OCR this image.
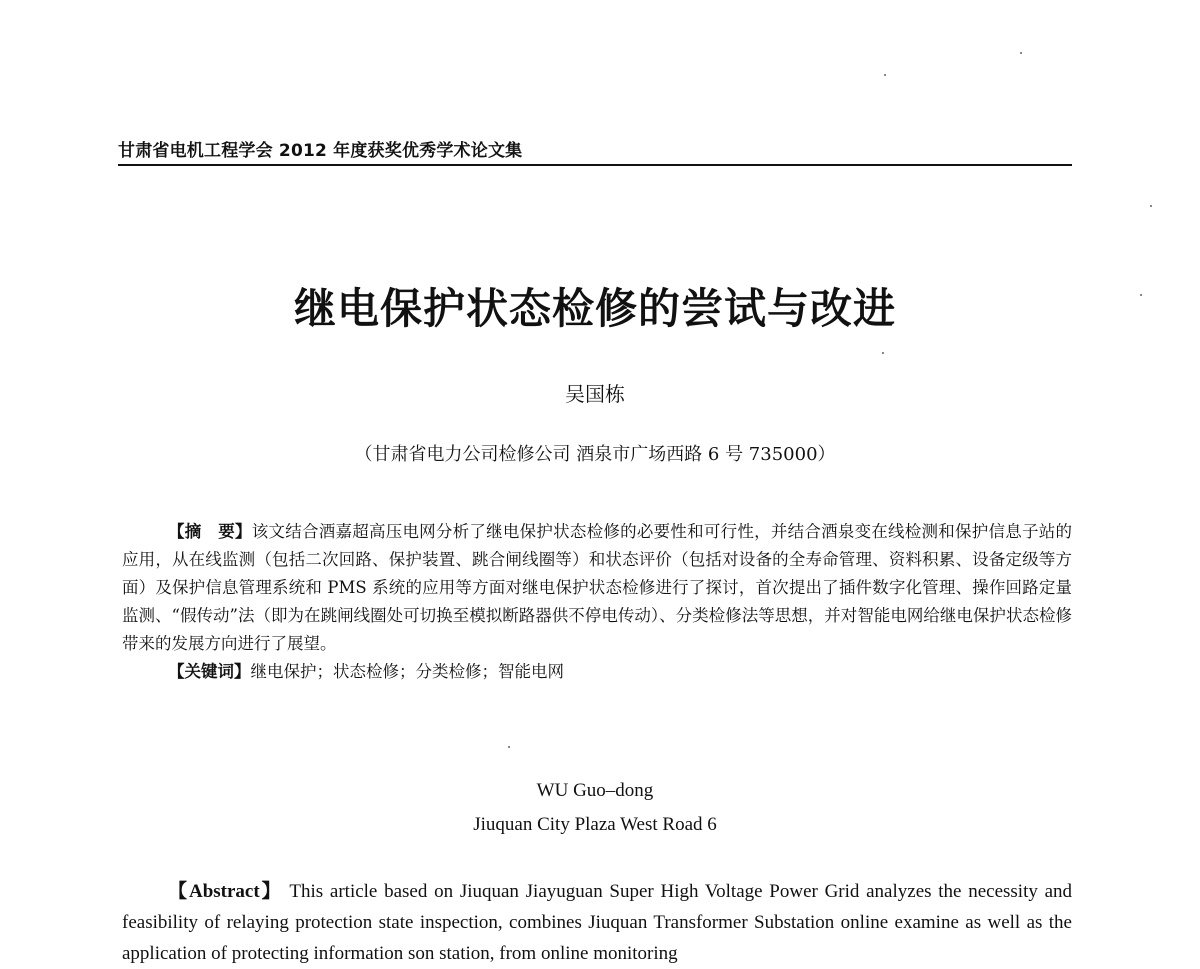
甘肃省电机工程学会 2012 年度获奖优秀学术论文集
继电保护状态检修的尝试与改进
吴国栋
（甘肃省电力公司检修公司 酒泉市广场西路 6 号 735000）

【摘　要】该文结合酒嘉超高压电网分析了继电保护状态检修的必要性和可行性，并结合酒泉变在线检测和保护信息子站的应用，从在线监测（包括二次回路、保护装置、跳合闸线圈等）和状态评价（包括对设备的全寿命管理、资料积累、设备定级等方面）及保护信息管理系统和 PMS 系统的应用等方面对继电保护状态检修进行了探讨，首次提出了插件数字化管理、操作回路定量监测、“假传动”法（即为在跳闸线圈处可切换至模拟断路器供不停电传动）、分类检修法等思想，并对智能电网给继电保护状态检修带来的发展方向进行了展望。

【关键词】继电保护；状态检修；分类检修；智能电网

WU Guo–dong
Jiuquan City Plaza West Road 6

【Abstract】 This article based on Jiuquan Jiayuguan Super High Voltage Power Grid analyzes the necessity and feasibility of relaying protection state inspection, combines Jiuquan Transformer Substation online examine as well as the application of protecting information son station, from online monitoring
